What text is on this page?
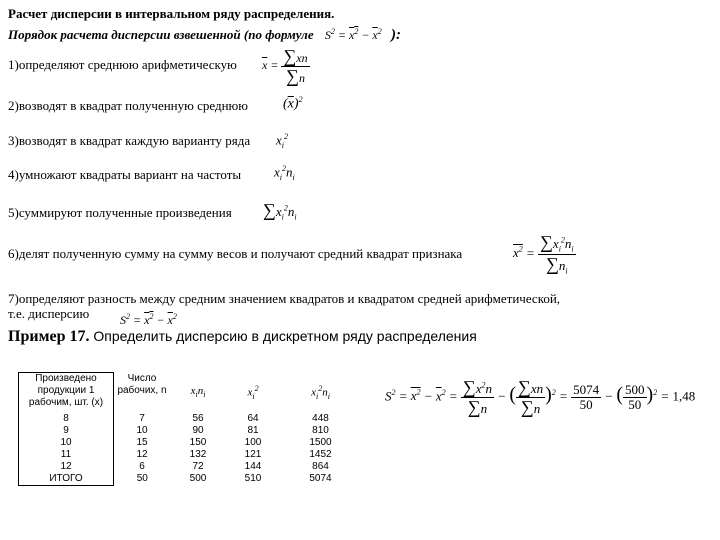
Расчет дисперсии в интервальном ряду распределения.
Порядок расчета дисперсии взвешенной (по формуле $S^2 = x^2 - \overline{x}^2$ ):
1)определяют среднюю арифметическую $\overline{x} = \frac{\sum xn}{\sum n}$
2)возводят в квадрат полученную среднюю	$(\overline{x})^2$
3)возводят в квадрат каждую варианту ряда $x_i^2$
4)умножают квадраты вариант на частоты	$x_i^2n_i$
5)суммируют полученные произведения $\sum x_i^2n_i$
6)делят полученную сумму на сумму весов и получают средний квадрат признака	$x^2 = \frac{\sum x_i^2n_i}{\sum n_i}$
7)определяют разность между средним значением квадратов и квадратом средней арифметической,
т.е. дисперсию	$S^2 = x^2 - \overline{x}^2$
Пример 17. Определить дисперсию в дискретном ряду распределения
Произведено продукции 1 рабочим, шт. (x)	Число рабочих, n	$x_in_i$	$x_i^2$	$x_i^2n_i$
8	7	56	64	448
9	10	90	81	810
10	15	150	100	1500
11	12	132	121	1452
12	6	72	144	864
ИТОГО	50	500	510	5074
$S^2 = x^2 - \overline{x}^2 = \frac{\sum x^2n}{\sum n}$ − ( $\frac{\sum xn}{\sum n} )^2 = \frac{5074}{50}$ − ( $\frac{500}{50} )^2 = 1,48$
